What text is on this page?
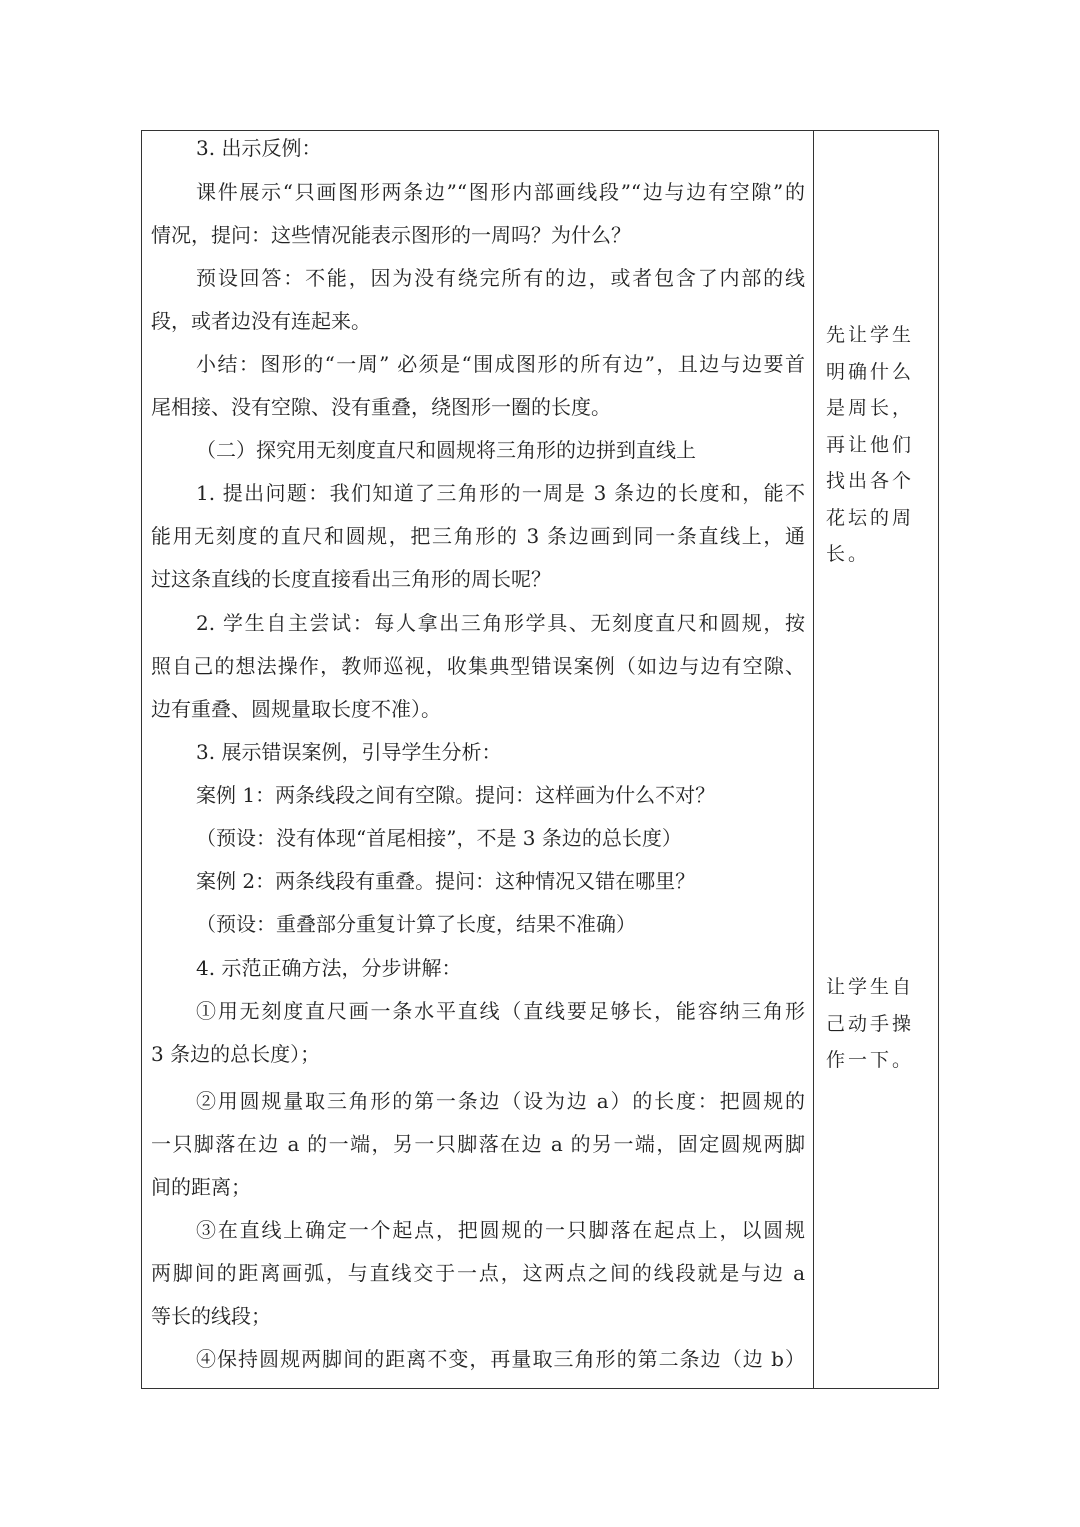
3. 出示反例：
课件展示“只画图形两条边”“图形内部画线段”“边与边有空隙”的
情况，提问：这些情况能表示图形的一周吗？为什么？
预设回答：不能，因为没有绕完所有的边，或者包含了内部的线
段，或者边没有连起来。
小结：图形的“一周” 必须是“围成图形的所有边”，且边与边要首
尾相接、没有空隙、没有重叠，绕图形一圈的长度。
（二）探究用无刻度直尺和圆规将三角形的边拼到直线上
1. 提出问题：我们知道了三角形的一周是 3 条边的长度和，能不
能用无刻度的直尺和圆规，把三角形的 3 条边画到同一条直线上，通
过这条直线的长度直接看出三角形的周长呢？
2. 学生自主尝试：每人拿出三角形学具、无刻度直尺和圆规，按
照自己的想法操作，教师巡视，收集典型错误案例（如边与边有空隙、
边有重叠、圆规量取长度不准）。
3. 展示错误案例，引导学生分析：
案例 1：两条线段之间有空隙。提问：这样画为什么不对？
（预设：没有体现“首尾相接”，不是 3 条边的总长度）
案例 2：两条线段有重叠。提问：这种情况又错在哪里？
（预设：重叠部分重复计算了长度，结果不准确）
4. 示范正确方法，分步讲解：
①用无刻度直尺画一条水平直线（直线要足够长，能容纳三角形
3 条边的总长度）；
②用圆规量取三角形的第一条边（设为边 a）的长度：把圆规的
一只脚落在边 a 的一端，另一只脚落在边 a 的另一端，固定圆规两脚
间的距离；
③在直线上确定一个起点，把圆规的一只脚落在起点上，以圆规
两脚间的距离画弧，与直线交于一点，这两点之间的线段就是与边 a
等长的线段；
④保持圆规两脚间的距离不变，再量取三角形的第二条边（边 b）
先让学生明确什么是周长，再让他们找出各个花坛的周长。
让学生自己动手操作一下。
